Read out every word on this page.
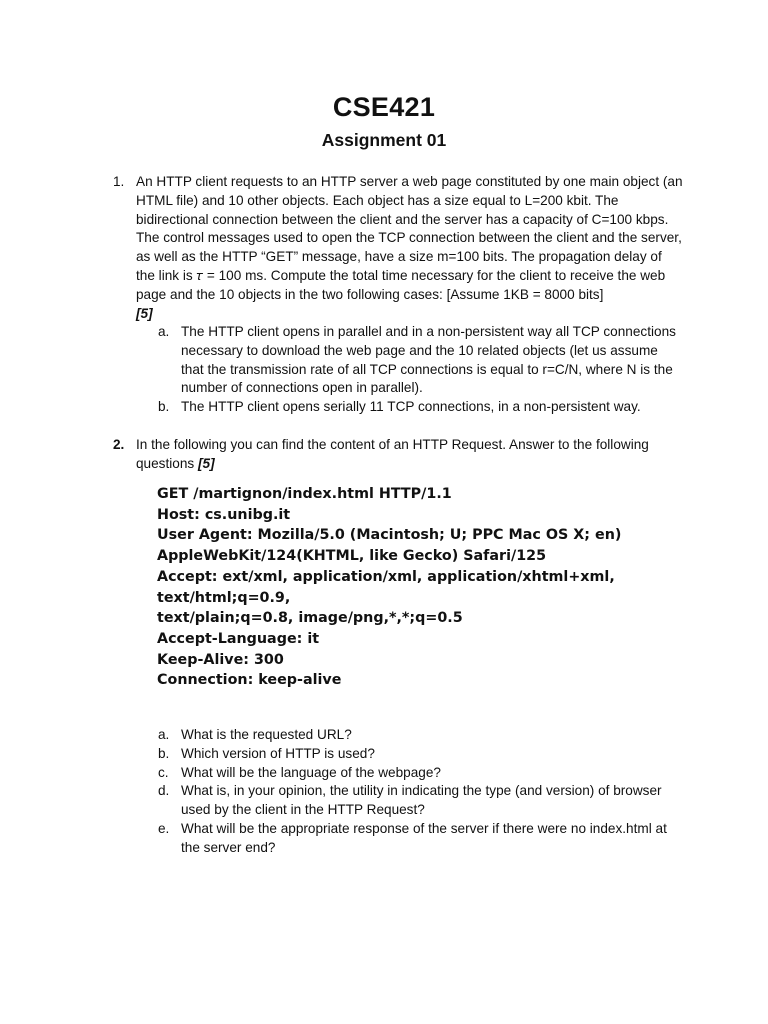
CSE421
Assignment 01
1. An HTTP client requests to an HTTP server a web page constituted by one main object (an HTML file) and 10 other objects. Each object has a size equal to L=200 kbit. The bidirectional connection between the client and the server has a capacity of C=100 kbps. The control messages used to open the TCP connection between the client and the server, as well as the HTTP “GET” message, have a size m=100 bits. The propagation delay of the link is 𝜏 = 100 ms. Compute the total time necessary for the client to receive the web page and the 10 objects in the two following cases: [Assume 1KB = 8000 bits]
[5]
a. The HTTP client opens in parallel and in a non-persistent way all TCP connections necessary to download the web page and the 10 related objects (let us assume that the transmission rate of all TCP connections is equal to r=C/N, where N is the number of connections open in parallel).
b. The HTTP client opens serially 11 TCP connections, in a non-persistent way.
2. In the following you can find the content of an HTTP Request. Answer to the following questions [5]
GET /martignon/index.html HTTP/1.1
Host: cs.unibg.it
User Agent: Mozilla/5.0 (Macintosh; U; PPC Mac OS X; en)
AppleWebKit/124(KHTML, like Gecko) Safari/125
Accept: ext/xml, application/xml, application/xhtml+xml,
text/html;q=0.9,
text/plain;q=0.8, image/png,*,*;q=0.5
Accept-Language: it
Keep-Alive: 300
Connection: keep-alive
a. What is the requested URL?
b. Which version of HTTP is used?
c. What will be the language of the webpage?
d. What is, in your opinion, the utility in indicating the type (and version) of browser used by the client in the HTTP Request?
e. What will be the appropriate response of the server if there were no index.html at the server end?
